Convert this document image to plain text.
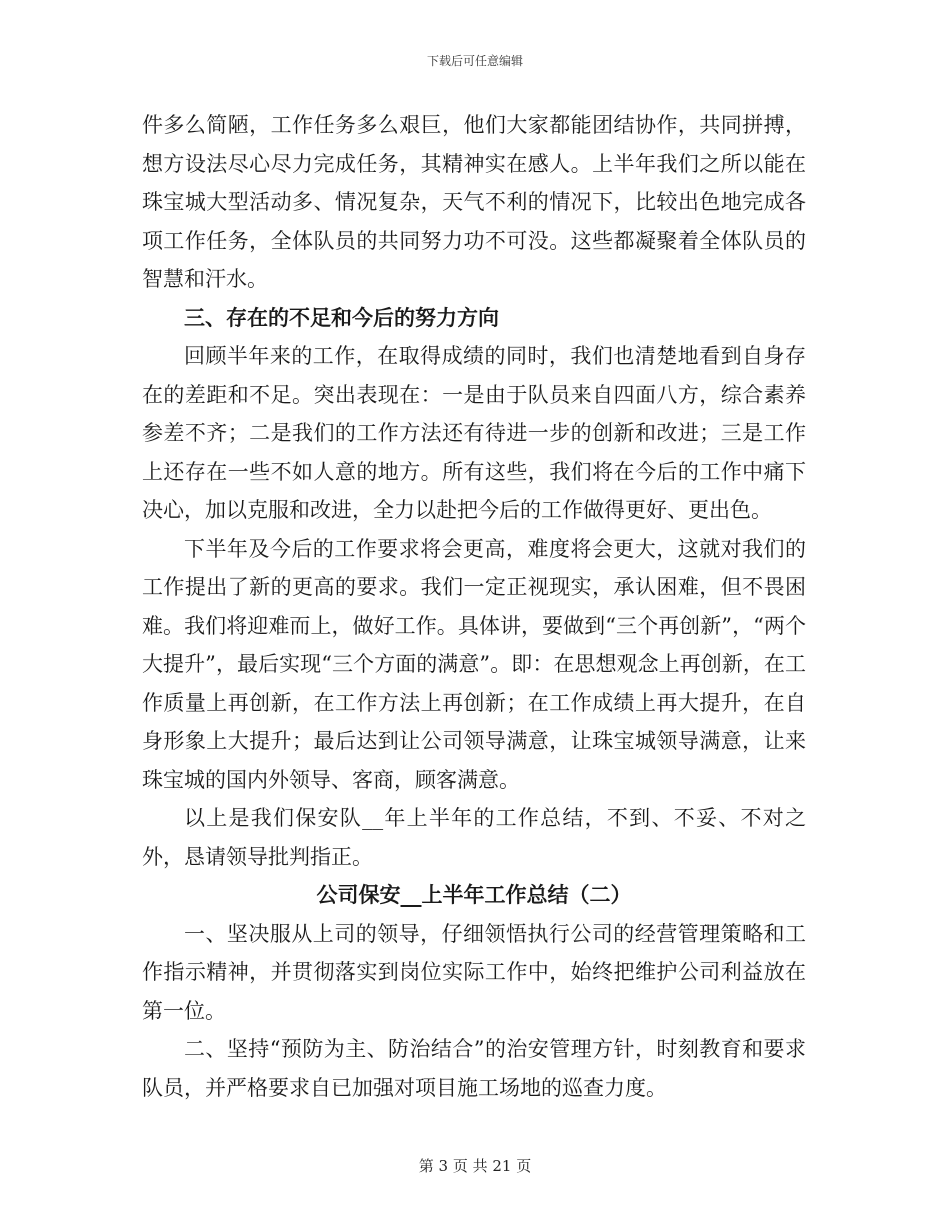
下载后可任意编辑

件多么简陋，工作任务多么艰巨，他们大家都能团结协作，共同拼搏，想方设法尽心尽力完成任务，其精神实在感人。上半年我们之所以能在珠宝城大型活动多、情况复杂，天气不利的情况下，比较出色地完成各项工作任务，全体队员的共同努力功不可没。这些都凝聚着全体队员的智慧和汗水。

三、存在的不足和今后的努力方向

回顾半年来的工作，在取得成绩的同时，我们也清楚地看到自身存在的差距和不足。突出表现在：一是由于队员来自四面八方，综合素养参差不齐；二是我们的工作方法还有待进一步的创新和改进；三是工作上还存在一些不如人意的地方。所有这些，我们将在今后的工作中痛下决心，加以克服和改进，全力以赴把今后的工作做得更好、更出色。

下半年及今后的工作要求将会更高，难度将会更大，这就对我们的工作提出了新的更高的要求。我们一定正视现实，承认困难，但不畏困难。我们将迎难而上，做好工作。具体讲，要做到“三个再创新”，“两个大提升”，最后实现“三个方面的满意”。即：在思想观念上再创新，在工作质量上再创新，在工作方法上再创新；在工作成绩上再大提升，在自身形象上大提升；最后达到让公司领导满意，让珠宝城领导满意，让来珠宝城的国内外领导、客商，顾客满意。

以上是我们保安队__年上半年的工作总结，不到、不妥、不对之外，恳请领导批判指正。

公司保安__上半年工作总结（二）

一、坚决服从上司的领导，仔细领悟执行公司的经营管理策略和工作指示精神，并贯彻落实到岗位实际工作中，始终把维护公司利益放在第一位。

二、坚持“预防为主、防治结合”的治安管理方针，时刻教育和要求队员，并严格要求自已加强对项目施工场地的巡查力度。

第 3 页 共 21 页
